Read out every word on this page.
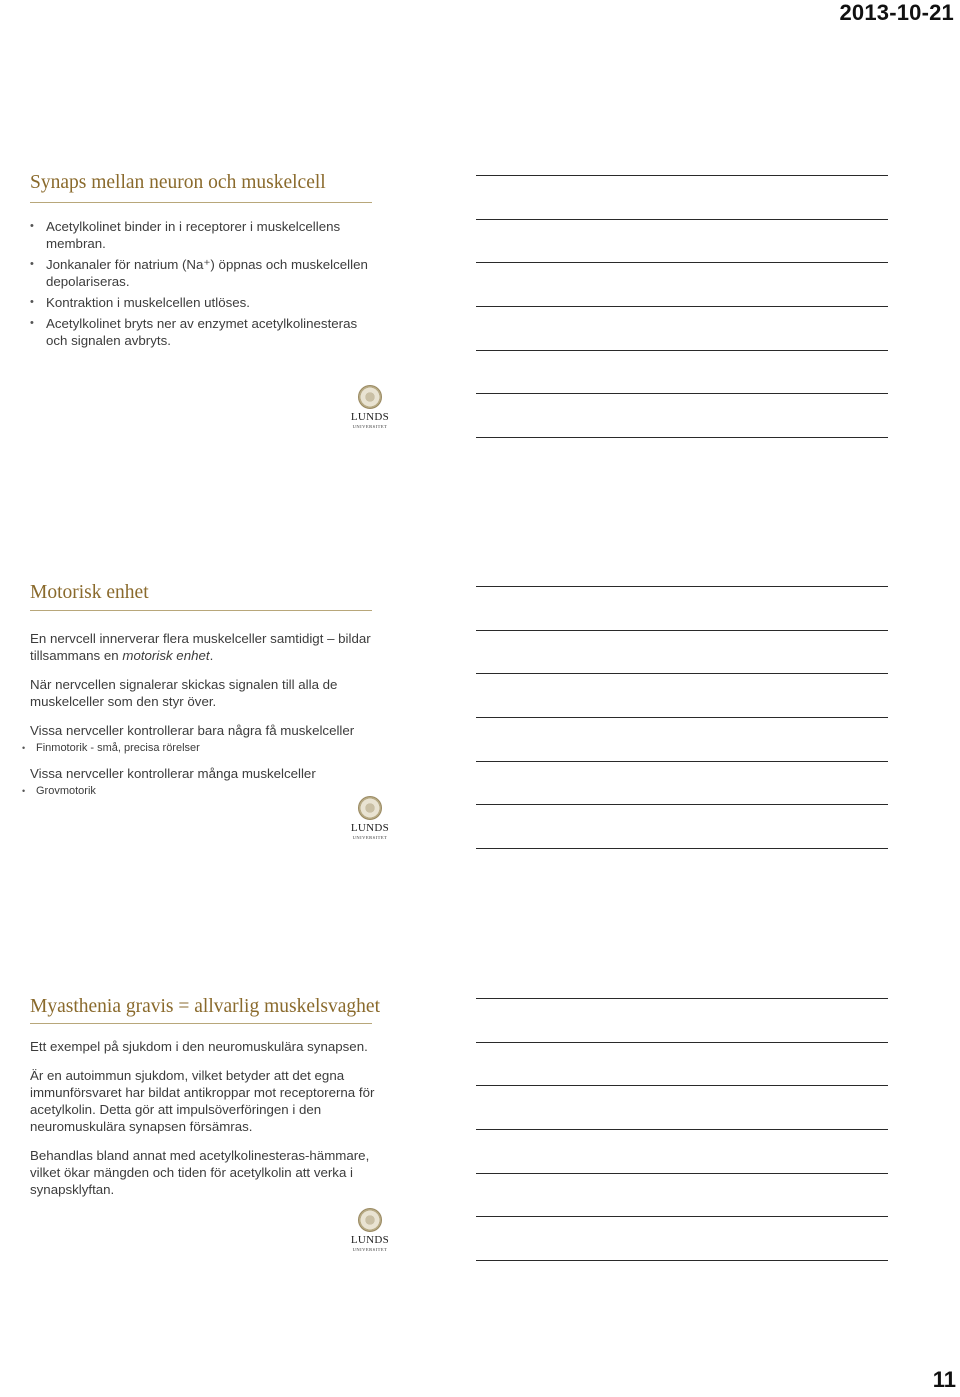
2013-10-21
Synaps mellan neuron och muskelcell
• Acetylkolinet binder in i receptorer i muskelcellens membran.
• Jonkanaler för natrium (Na⁺) öppnas och muskelcellen depolariseras.
• Kontraktion i muskelcellen utlöses.
• Acetylkolinet bryts ner av enzymet acetylkolinesteras och signalen avbryts.
LUNDS
UNIVERSITET
Motorisk enhet

En nervcell innerverar flera muskelceller samtidigt – bildar tillsammans en motorisk enhet.

När nervcellen signalerar skickas signalen till alla de muskelceller som den styr över.

Vissa nervceller kontrollerar bara några få muskelceller

• Finmotorik - små, precisa rörelser

Vissa nervceller kontrollerar många muskelceller

• Grovmotorik
LUNDS
UNIVERSITET
Myasthenia gravis = allvarlig muskelsvaghet

Ett exempel på sjukdom i den neuromuskulära synapsen.

Är en autoimmun sjukdom, vilket betyder att det egna immunförsvaret har bildat antikroppar mot receptorerna för acetylkolin. Detta gör att impulsöverföringen i den neuromuskulära synapsen försämras.

Behandlas bland annat med acetylkolinesteras-hämmare, vilket ökar mängden och tiden för acetylkolin att verka i synapsklyftan.

LUNDS
UNIVERSITET
11
